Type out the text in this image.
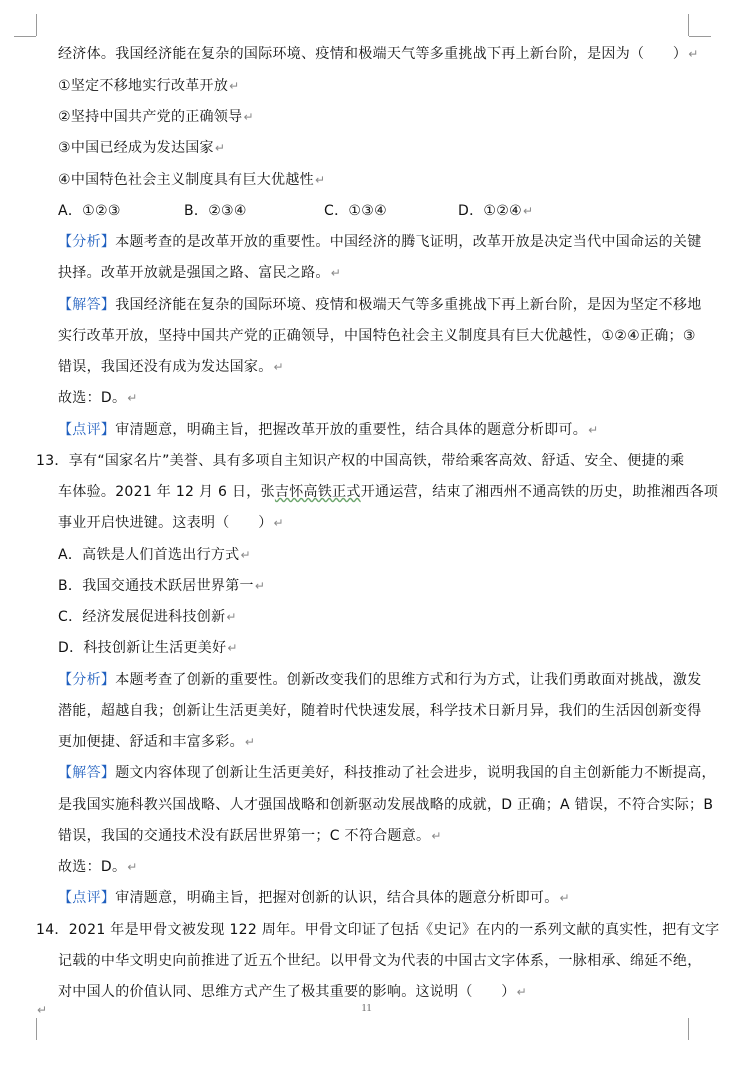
经济体。我国经济能在复杂的国际环境、疫情和极端天气等多重挑战下再上新台阶，是因为（　　）↵
①坚定不移地实行改革开放↵
②坚持中国共产党的正确领导↵
③中国已经成为发达国家↵
④中国特色社会主义制度具有巨大优越性↵
A．①②③	B．②③④	C．①③④	D．①②④↵
【分析】本题考查的是改革开放的重要性。中国经济的腾飞证明，改革开放是决定当代中国命运的关键
抉择。改革开放就是强国之路、富民之路。↵
【解答】我国经济能在复杂的国际环境、疫情和极端天气等多重挑战下再上新台阶，是因为坚定不移地
实行改革开放，坚持中国共产党的正确领导，中国特色社会主义制度具有巨大优越性，①②④正确；③
错误，我国还没有成为发达国家。↵
故选：D。↵
【点评】审清题意，明确主旨，把握改革开放的重要性，结合具体的题意分析即可。↵
13．享有“国家名片”美誉、具有多项自主知识产权的中国高铁，带给乘客高效、舒适、安全、便捷的乘
车体验。2021 年 12 月 6 日，张吉怀高铁正式开通运营，结束了湘西州不通高铁的历史，助推湘西各项
事业开启快进键。这表明（　　）↵
A．高铁是人们首选出行方式↵
B．我国交通技术跃居世界第一↵
C．经济发展促进科技创新↵
D．科技创新让生活更美好↵
【分析】本题考查了创新的重要性。创新改变我们的思维方式和行为方式，让我们勇敢面对挑战，激发
潜能，超越自我；创新让生活更美好，随着时代快速发展，科学技术日新月异，我们的生活因创新变得
更加便捷、舒适和丰富多彩。↵
【解答】题文内容体现了创新让生活更美好，科技推动了社会进步，说明我国的自主创新能力不断提高，
是我国实施科教兴国战略、人才强国战略和创新驱动发展战略的成就，D 正确；A 错误，不符合实际；B
错误，我国的交通技术没有跃居世界第一；C 不符合题意。↵
故选：D。↵
【点评】审清题意，明确主旨，把握对创新的认识，结合具体的题意分析即可。↵
14．2021 年是甲骨文被发现 122 周年。甲骨文印证了包括《史记》在内的一系列文献的真实性，把有文字
记载的中华文明史向前推进了近五个世纪。以甲骨文为代表的中国古文字体系，一脉相承、绵延不绝，
对中国人的价值认同、思维方式产生了极其重要的影响。这说明（　　）↵
↵	11
